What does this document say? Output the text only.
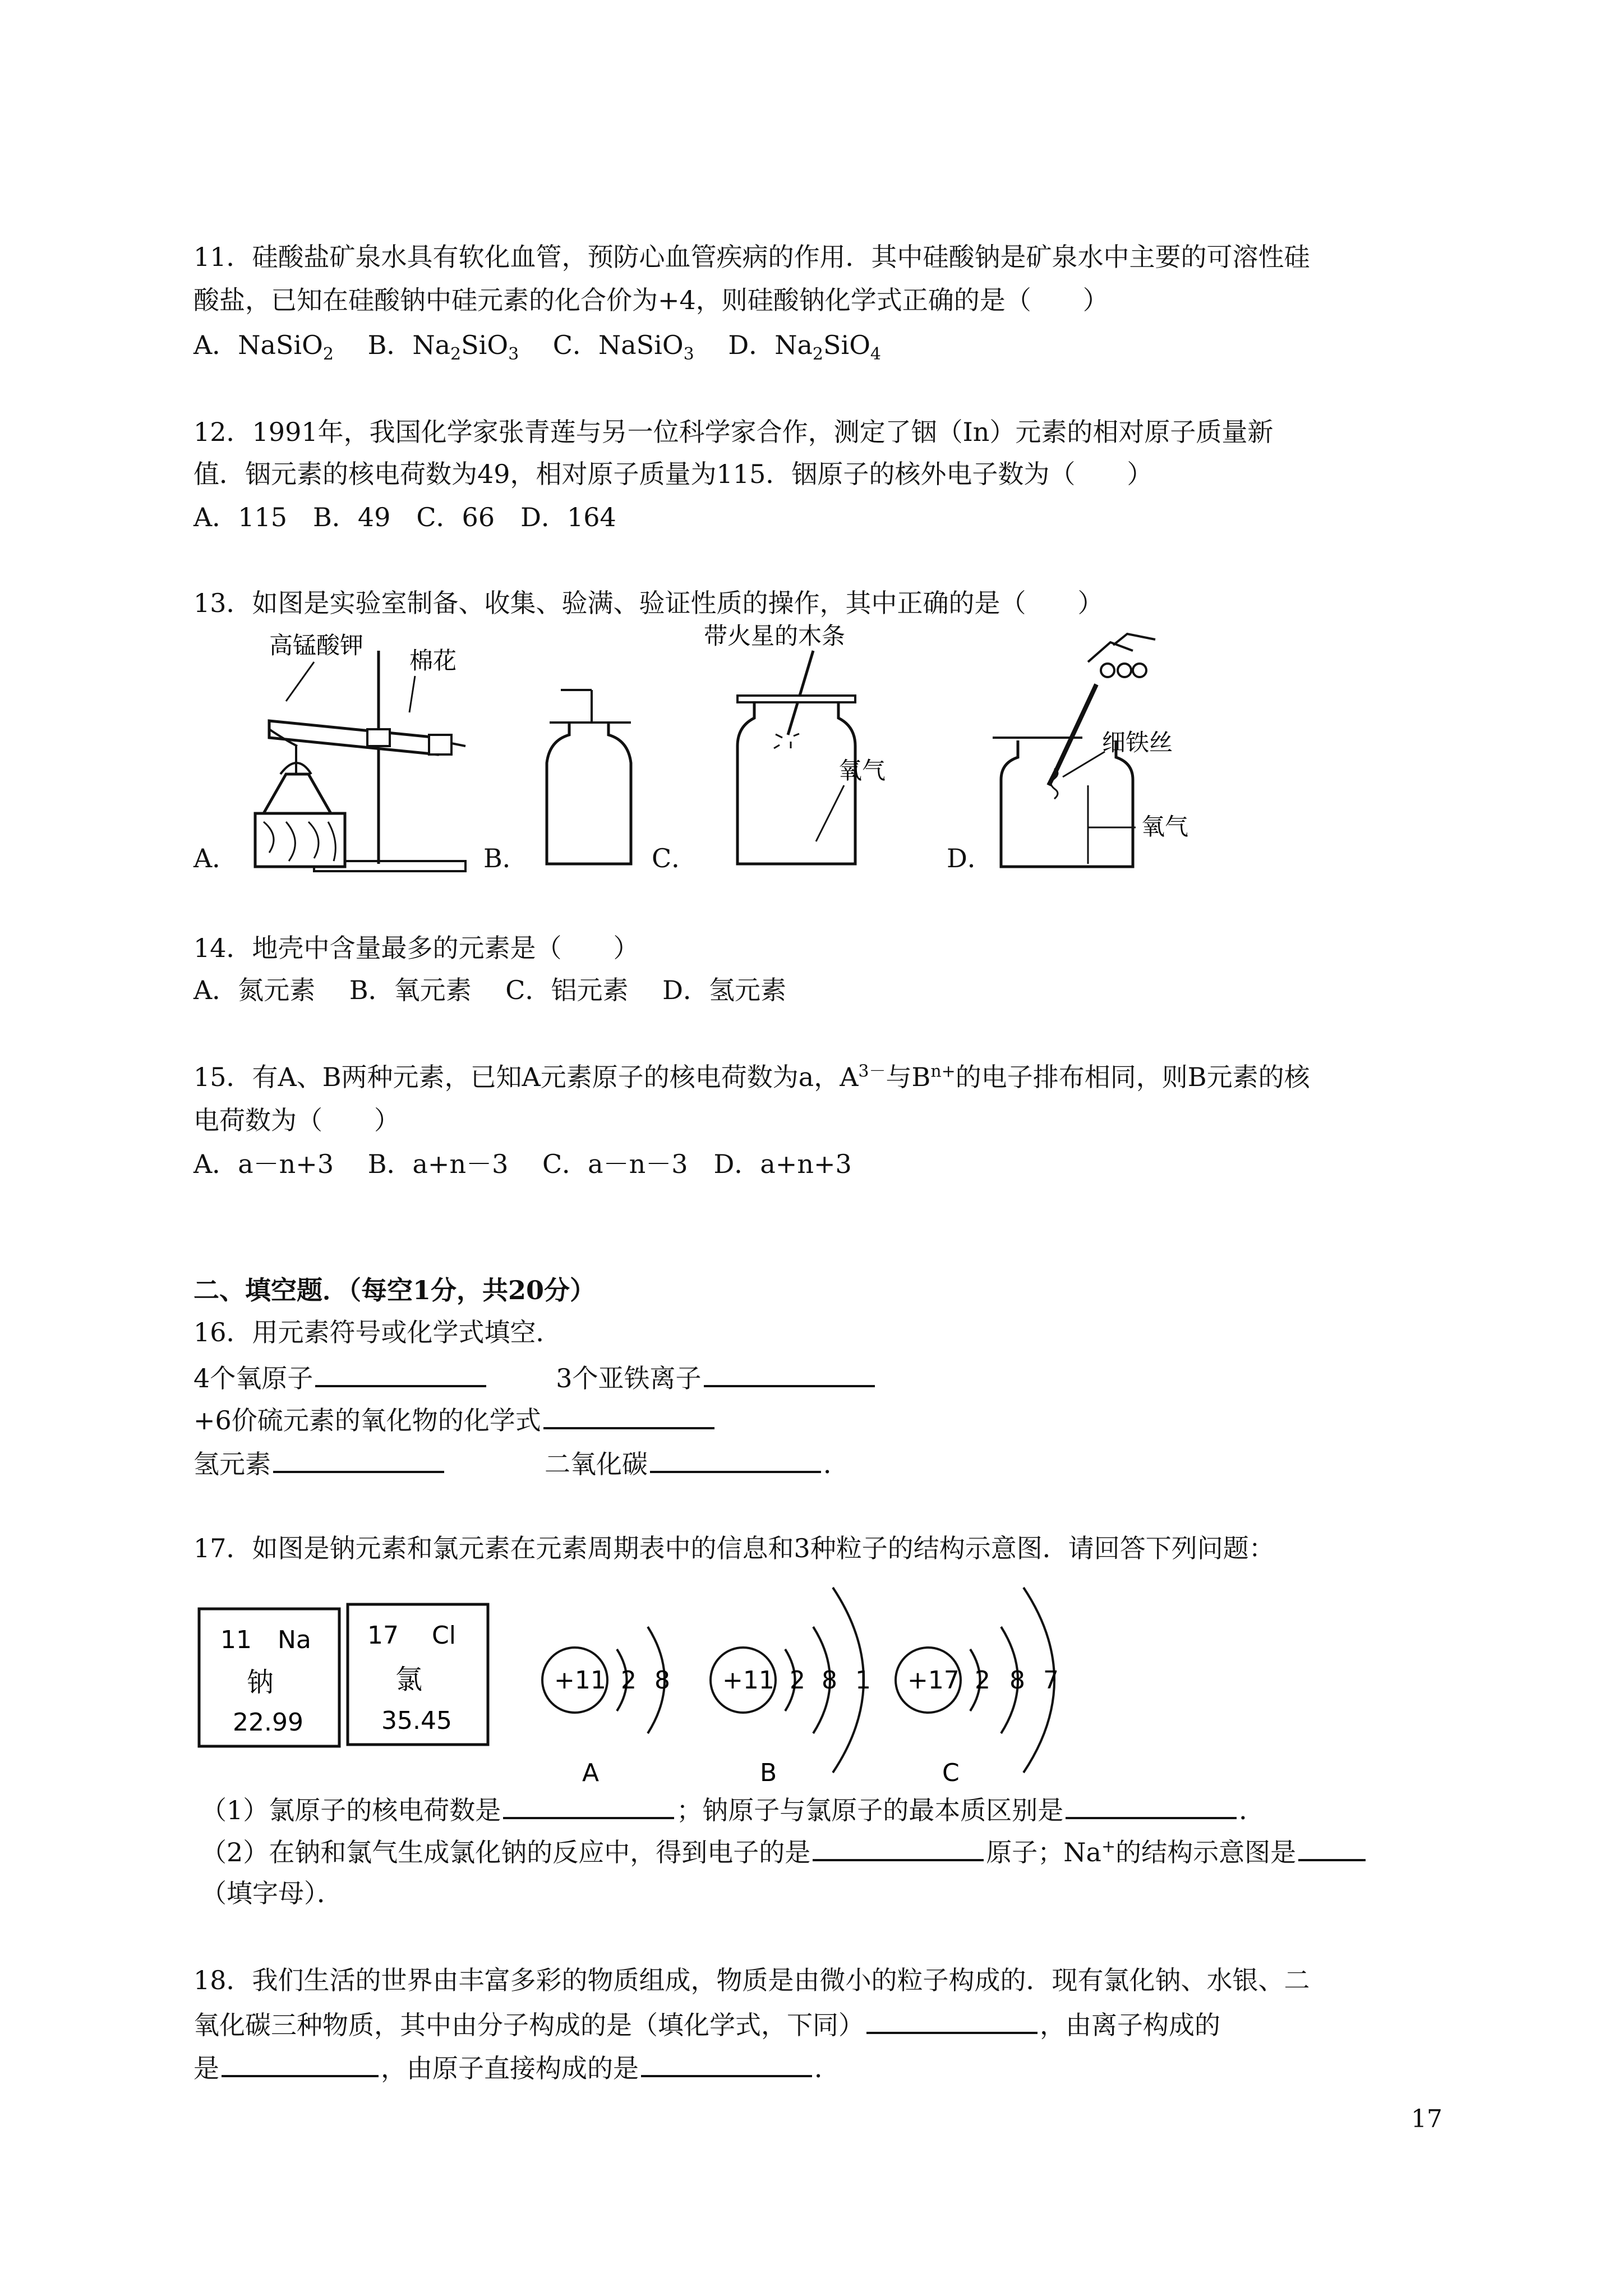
11．硅酸盐矿泉水具有软化血管，预防心血管疾病的作用．其中硅酸钠是矿泉水中主要的可溶性硅
酸盐，已知在硅酸钠中硅元素的化合价为+4，则硅酸钠化学式正确的是（　　）
A．NaSiO$_2$　 B．$Na_2SiO_3$　 C．NaSiO$_3$　 D．$Na_2SiO_4$
12．1991年，我国化学家张青莲与另一位科学家合作，测定了铟（In）元素的相对原子质量新
值．铟元素的核电荷数为49，相对原子质量为115．铟原子的核外电子数为（　　）
A．115　B．49　C．66　D．164
13．如图是实验室制备、收集、验满、验证性质的操作，其中正确的是（　　）
A．	B．	C．	D．
高锰酸钾
棉花
带火星的木条
氧气
细铁丝
氧气
14．地壳中含量最多的元素是（　　）
A．氮元素　 B．氧元素　 C．铝元素　 D．氢元素
15．有A、B两种元素，已知A元素原子的核电荷数为a，$A^{3-}$与$B^{n+}$的电子排布相同，则B元素的核
电荷数为（　　）
A．a－n+3　 B．a+n－3　 C．a－n－3　D．a+n+3
二、填空题．（每空1分，共20分）
16．用元素符号或化学式填空．
4个氧原子	3个亚铁离子
+6价硫元素的氧化物的化学式
氢元素	二氧化碳	．
17．如图是钠元素和氯元素在元素周期表中的信息和3种粒子的结构示意图．请回答下列问题：
11 Na
钠
22.99
17 Cl
氯
35.45
+11 2 8
A
+11 2 8 1
B
+17 2 8 7
C
（1）氯原子的核电荷数是	；钠原子与氯原子的最本质区别是	．
（2）在钠和氯气生成氯化钠的反应中，得到电子的是	原子；Na+的结构示意图是
（填字母）．
18．我们生活的世界由丰富多彩的物质组成，物质是由微小的粒子构成的．现有氯化钠、水银、二
氧化碳三种物质，其中由分子构成的是（填化学式，下同）	，由离子构成的
是	，由原子直接构成的是	．
17
